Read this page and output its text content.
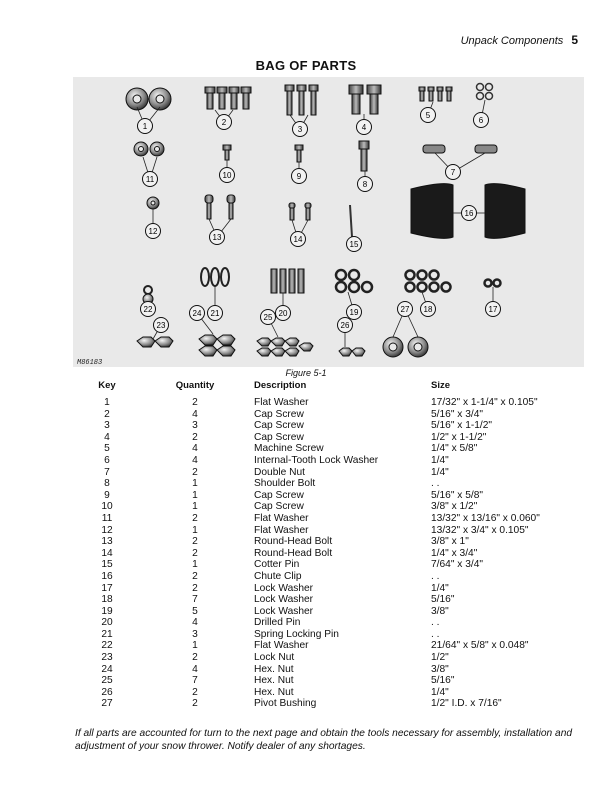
Unpack Components 5
BAG OF PARTS
1	2
3	4
5
6
7
8
9
10
11
12
13	14
15
16
17
18
19
20
21
22
23
24	25
26
27
M86183
Figure 5-1
Key	Quantity	Description	Size
1	2	Flat Washer	17/32" x 1-1/4" x 0.105"
2	4	Cap Screw	5/16" x 3/4"
3	3	Cap Screw	5/16" x 1-1/2"
4	2	Cap Screw	1/2" x 1-1/2"
5	4	Machine Screw	1/4" x 5/8"
6	4	Internal-Tooth Lock Washer	1/4"
7	2	Double Nut	1/4"
8	1	Shoulder Bolt	. .
9	1	Cap Screw	5/16" x 5/8"
10	1	Cap Screw	3/8" x 1/2"
11	2	Flat Washer	13/32" x 13/16" x 0.060"
12	1	Flat Washer	13/32" x 3/4" x 0.105"
13	2	Round-Head Bolt	3/8" x 1"
14	2	Round-Head Bolt	1/4" x 3/4"
15	1	Cotter Pin	7/64" x 3/4"
16	2	Chute Clip	. .
17	2	Lock Washer	1/4"
18	7	Lock Washer	5/16"
19	5	Lock Washer	3/8"
20	4	Drilled Pin	. .
21	3	Spring Locking Pin	. .
22	1	Flat Washer	21/64" x 5/8" x 0.048"
23	2	Lock Nut	1/2"
24	4	Hex. Nut	3/8"
25	7	Hex. Nut	5/16"
26	2	Hex. Nut	1/4"
27	2	Pivot Bushing	1/2" I.D. x 7/16"
If all parts are accounted for turn to the next page and obtain the tools necessary for assembly, installation and adjustment of your snow thrower. Notify dealer of any shortages.
